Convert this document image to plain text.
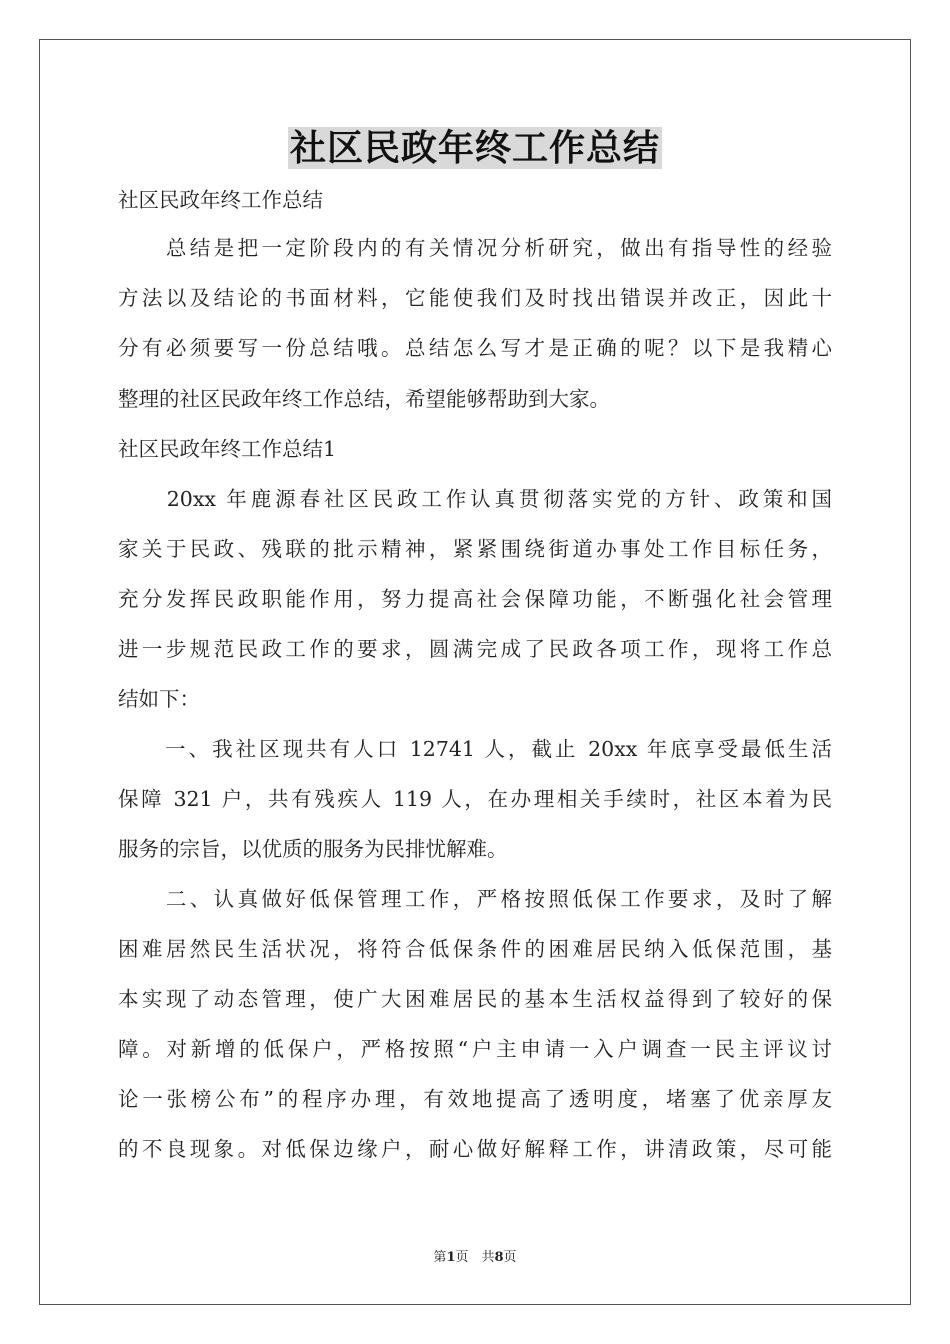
社区民政年终工作总结
社区民政年终工作总结
　　总结是把一定阶段内的有关情况分析研究，做出有指导性的经验
方法以及结论的书面材料，它能使我们及时找出错误并改正，因此十
分有必须要写一份总结哦。总结怎么写才是正确的呢？以下是我精心
整理的社区民政年终工作总结，希望能够帮助到大家。
社区民政年终工作总结1
　　20xx 年鹿源春社区民政工作认真贯彻落实党的方针、政策和国
家关于民政、残联的批示精神，紧紧围绕街道办事处工作目标任务，
充分发挥民政职能作用，努力提高社会保障功能，不断强化社会管理
进一步规范民政工作的要求，圆满完成了民政各项工作，现将工作总
结如下：
　　一、我社区现共有人口 12741 人，截止 20xx 年底享受最低生活
保障 321 户，共有残疾人 119 人，在办理相关手续时，社区本着为民
服务的宗旨，以优质的服务为民排忧解难。
　　二、认真做好低保管理工作，严格按照低保工作要求，及时了解
困难居然民生活状况，将符合低保条件的困难居民纳入低保范围，基
本实现了动态管理，使广大困难居民的基本生活权益得到了较好的保
障。对新增的低保户，严格按照“户主申请一入户调查一民主评议讨
论一张榜公布”的程序办理，有效地提高了透明度，堵塞了优亲厚友
的不良现象。对低保边缘户，耐心做好解释工作，讲清政策，尽可能
第1页　共8页
